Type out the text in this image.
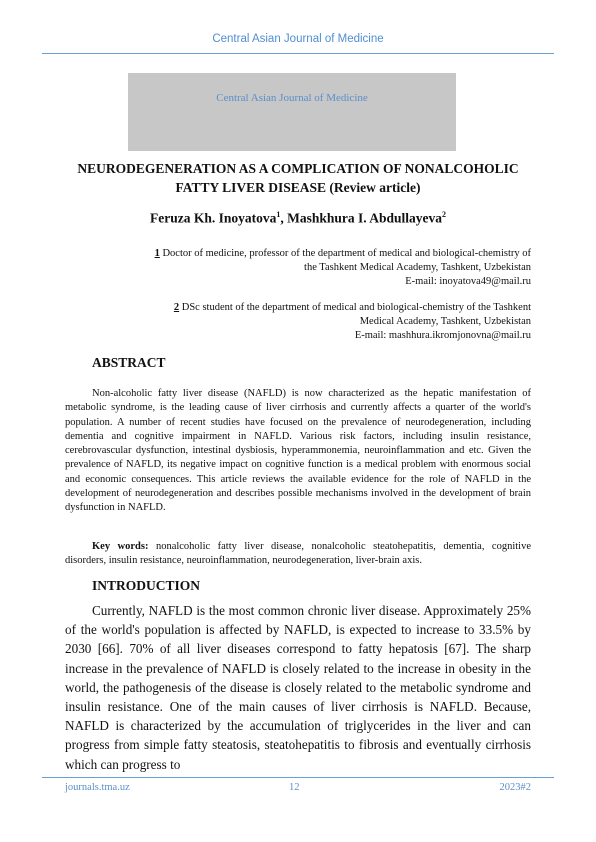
Central Asian Journal of Medicine
Central Asian Journal of Medicine
NEURODEGENERATION AS A COMPLICATION OF NONALCOHOLIC
FATTY LIVER DISEASE (Review article)
Feruza Kh. Inoyatova$^1$, Mashkhura I. Abdullayeva$^2$
1 Doctor of medicine, professor of the department of medical and biological-chemistry of
the Tashkent Medical Academy, Tashkent, Uzbekistan
E-mail: inoyatova49@mail.ru
2 DSc student of the department of medical and biological-chemistry of the Tashkent
Medical Academy, Tashkent, Uzbekistan
E-mail: mashhura.ikromjonovna@mail.ru
ABSTRACT
Non-alcoholic fatty liver disease (NAFLD) is now characterized as the hepatic manifestation of metabolic syndrome, is the leading cause of liver cirrhosis and currently affects a quarter of the world's population. A number of recent studies have focused on the prevalence of neurodegeneration, including dementia and cognitive impairment in NAFLD. Various risk factors, including insulin resistance, cerebrovascular dysfunction, intestinal dysbiosis, hyperammonemia, neuroinflammation and etc. Given the prevalence of NAFLD, its negative impact on cognitive function is a medical problem with enormous social and economic consequences. This article reviews the available evidence for the role of NAFLD in the development of neurodegeneration and describes possible mechanisms involved in the development of brain dysfunction in NAFLD.
Key words: nonalcoholic fatty liver disease, nonalcoholic steatohepatitis, dementia, cognitive disorders, insulin resistance, neuroinflammation, neurodegeneration, liver-brain axis.
INTRODUCTION
Currently, NAFLD is the most common chronic liver disease. Approximately 25% of the world's population is affected by NAFLD, is expected to increase to 33.5% by 2030 [66]. 70% of all liver diseases correspond to fatty hepatosis [67]. The sharp increase in the prevalence of NAFLD is closely related to the increase in obesity in the world, the pathogenesis of the disease is closely related to the metabolic syndrome and insulin resistance. One of the main causes of liver cirrhosis is NAFLD. Because, NAFLD is characterized by the accumulation of triglycerides in the liver and can progress from simple fatty steatosis, steatohepatitis to fibrosis and eventually cirrhosis which can progress to
journals.tma.uz	12	2023#2
